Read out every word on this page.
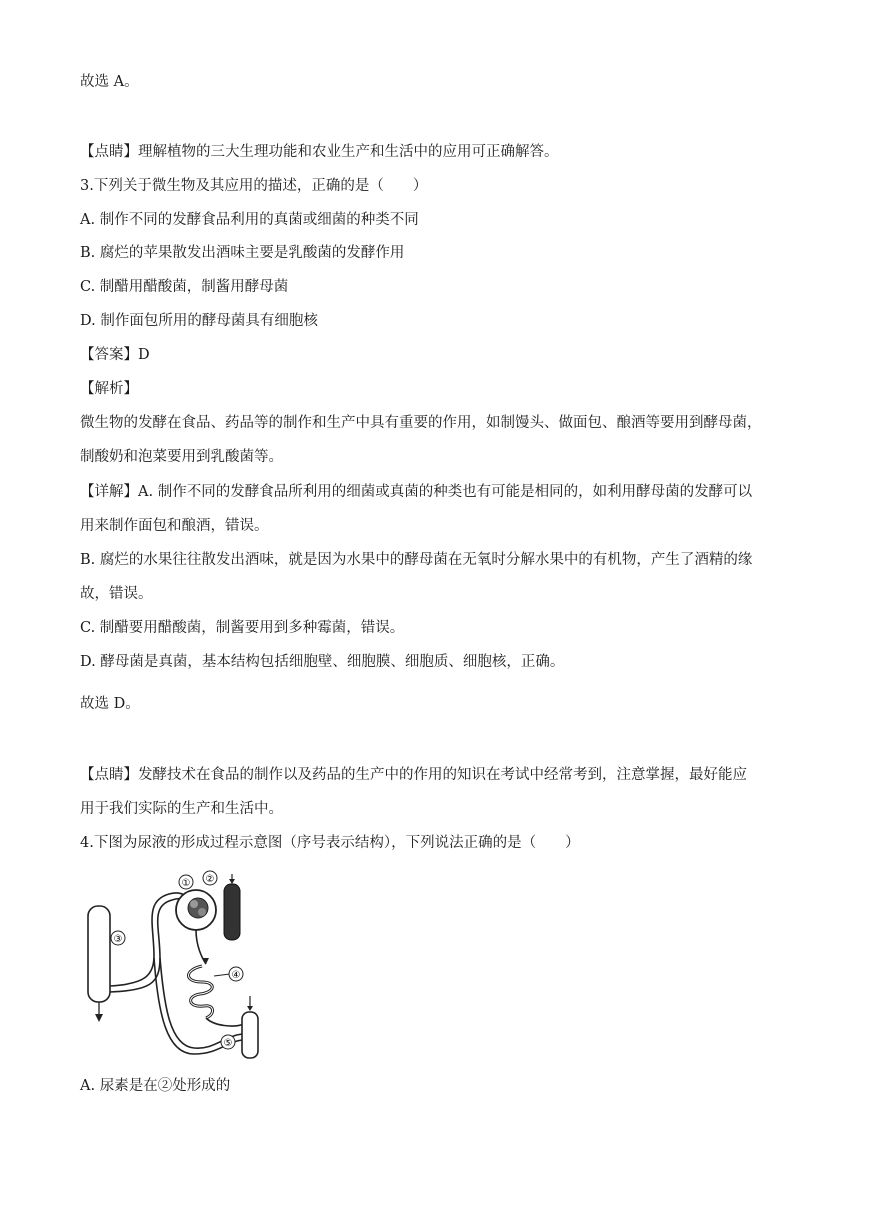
故选 A。
【点睛】理解植物的三大生理功能和农业生产和生活中的应用可正确解答。
3.下列关于微生物及其应用的描述，正确的是（　　）
A. 制作不同的发酵食品利用的真菌或细菌的种类不同
B. 腐烂的苹果散发出酒味主要是乳酸菌的发酵作用
C. 制醋用醋酸菌，制酱用酵母菌
D. 制作面包所用的酵母菌具有细胞核
【答案】D
【解析】
微生物的发酵在食品、药品等的制作和生产中具有重要的作用，如制馒头、做面包、酿酒等要用到酵母菌，
制酸奶和泡菜要用到乳酸菌等。
【详解】A. 制作不同的发酵食品所利用的细菌或真菌的种类也有可能是相同的，如利用酵母菌的发酵可以
用来制作面包和酿酒，错误。
B. 腐烂的水果往往散发出酒味，就是因为水果中的酵母菌在无氧时分解水果中的有机物，产生了酒精的缘
故，错误。
C. 制醋要用醋酸菌，制酱要用到多种霉菌，错误。
D. 酵母菌是真菌，基本结构包括细胞壁、细胞膜、细胞质、细胞核，正确。
故选 D。
【点睛】发酵技术在食品的制作以及药品的生产中的作用的知识在考试中经常考到，注意掌握，最好能应
用于我们实际的生产和生活中。
4.下图为尿液的形成过程示意图（序号表示结构），下列说法正确的是（　　）
① ②
③
④
⑤
A. 尿素是在②处形成的
